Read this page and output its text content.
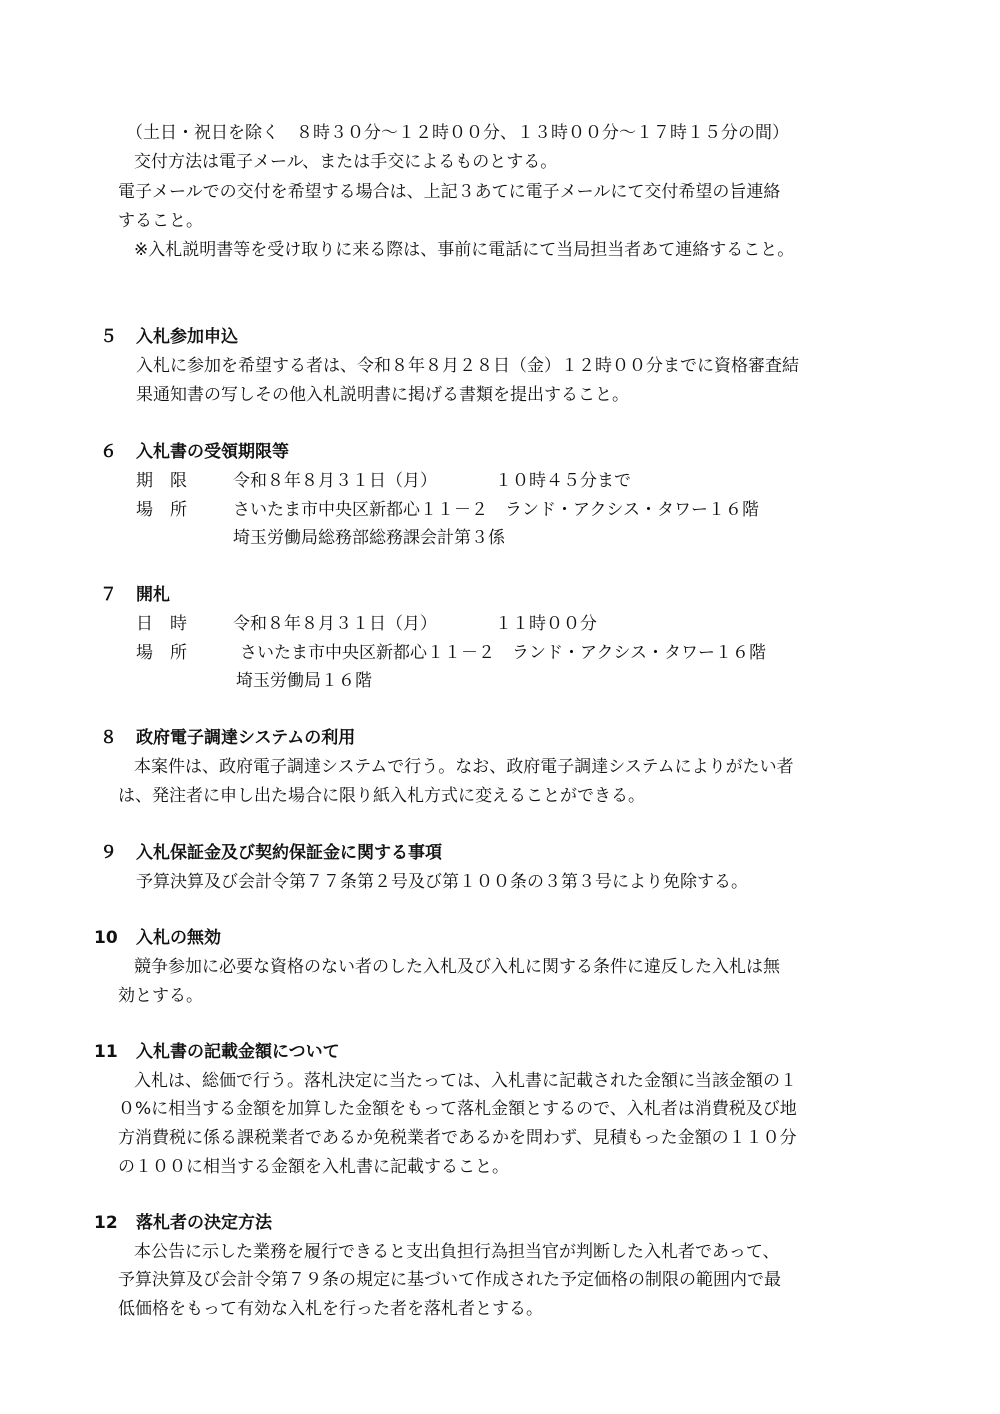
（土日・祝日を除く　８時３０分～１２時００分、１３時００分～１７時１５分の間）
交付方法は電子メール、または手交によるものとする。
電子メールでの交付を希望する場合は、上記３あてに電子メールにて交付希望の旨連絡
すること。
※入札説明書等を受け取りに来る際は、事前に電話にて当局担当者あて連絡すること。
５ 入札参加申込
入札に参加を希望する者は、令和８年８月２８日（金）１２時００分までに資格審査結
果通知書の写しその他入札説明書に掲げる書類を提出すること。
６ 入札書の受領期限等
期　限	令和８年８月３１日（月）	１０時４５分まで
場　所	さいたま市中央区新都心１１－２　ランド・アクシス・タワー１６階
埼玉労働局総務部総務課会計第３係
７ 開札
日　時	令和８年８月３１日（月）	１１時００分
場　所	さいたま市中央区新都心１１－２　ランド・アクシス・タワー１６階
埼玉労働局１６階
８ 政府電子調達システムの利用
本案件は、政府電子調達システムで行う。なお、政府電子調達システムによりがたい者
は、発注者に申し出た場合に限り紙入札方式に変えることができる。
９ 入札保証金及び契約保証金に関する事項
予算決算及び会計令第７７条第２号及び第１００条の３第３号により免除する。
10 入札の無効
競争参加に必要な資格のない者のした入札及び入札に関する条件に違反した入札は無
効とする。
11 入札書の記載金額について
入札は、総価で行う。落札決定に当たっては、入札書に記載された金額に当該金額の１
０%に相当する金額を加算した金額をもって落札金額とするので、入札者は消費税及び地
方消費税に係る課税業者であるか免税業者であるかを問わず、見積もった金額の１１０分
の１００に相当する金額を入札書に記載すること。
12 落札者の決定方法
本公告に示した業務を履行できると支出負担行為担当官が判断した入札者であって、
予算決算及び会計令第７９条の規定に基づいて作成された予定価格の制限の範囲内で最
低価格をもって有効な入札を行った者を落札者とする。
